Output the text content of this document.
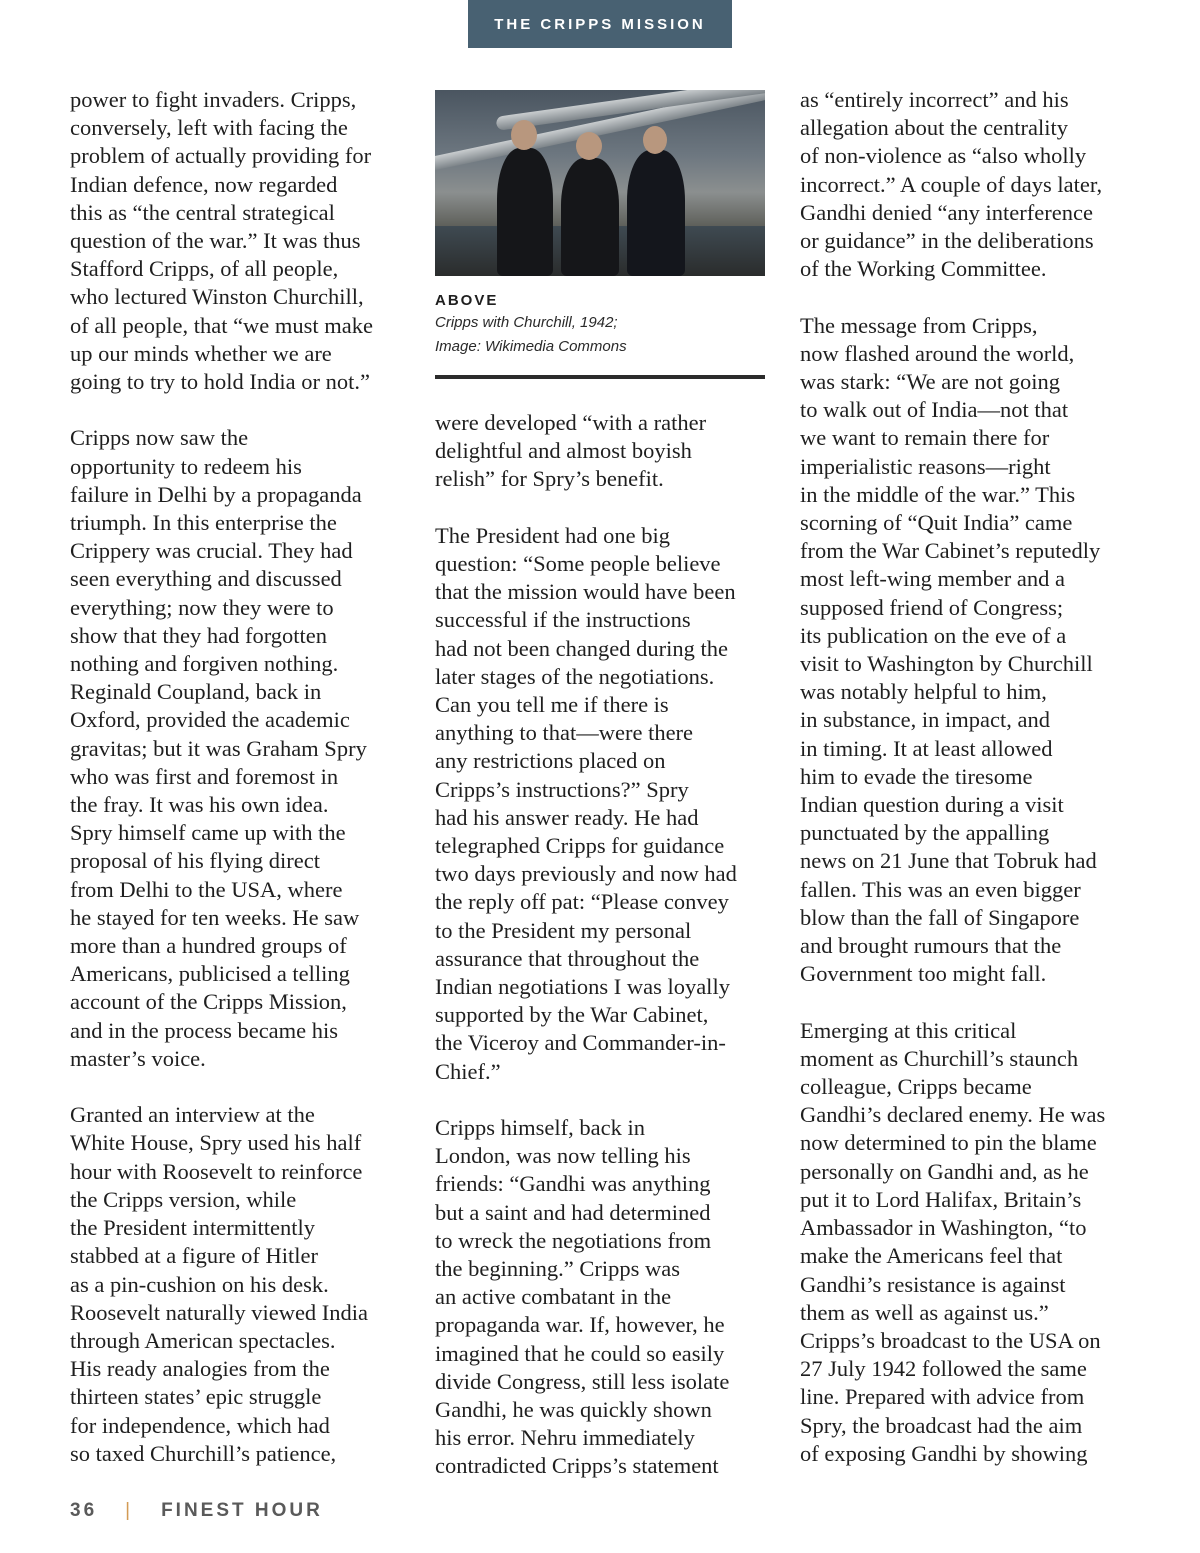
THE CRIPPS MISSION

power to fight invaders. Cripps,
conversely, left with facing the
problem of actually providing for
Indian defence, now regarded
this as “the central strategical
question of the war.” It was thus
Stafford Cripps, of all people,
who lectured Winston Churchill,
of all people, that “we must make
up our minds whether we are
going to try to hold India or not.”

Cripps now saw the
opportunity to redeem his
failure in Delhi by a propaganda
triumph. In this enterprise the
Crippery was crucial. They had
seen everything and discussed
everything; now they were to
show that they had forgotten
nothing and forgiven nothing.
Reginald Coupland, back in
Oxford, provided the academic
gravitas; but it was Graham Spry
who was first and foremost in
the fray. It was his own idea.
Spry himself came up with the
proposal of his flying direct
from Delhi to the USA, where
he stayed for ten weeks. He saw
more than a hundred groups of
Americans, publicised a telling
account of the Cripps Mission,
and in the process became his
master’s voice.

Granted an interview at the
White House, Spry used his half
hour with Roosevelt to reinforce
the Cripps version, while
the President intermittently
stabbed at a figure of Hitler
as a pin-cushion on his desk.
Roosevelt naturally viewed India
through American spectacles.
His ready analogies from the
thirteen states’ epic struggle
for independence, which had
so taxed Churchill’s patience,

ABOVE
Cripps with Churchill, 1942;
Image: Wikimedia Commons

were developed “with a rather
delightful and almost boyish
relish” for Spry’s benefit.

The President had one big
question: “Some people believe
that the mission would have been
successful if the instructions
had not been changed during the
later stages of the negotiations.
Can you tell me if there is
anything to that—were there
any restrictions placed on
Cripps’s instructions?” Spry
had his answer ready. He had
telegraphed Cripps for guidance
two days previously and now had
the reply off pat: “Please convey
to the President my personal
assurance that throughout the
Indian negotiations I was loyally
supported by the War Cabinet,
the Viceroy and Commander-in-
Chief.”

Cripps himself, back in
London, was now telling his
friends: “Gandhi was anything
but a saint and had determined
to wreck the negotiations from
the beginning.” Cripps was
an active combatant in the
propaganda war. If, however, he
imagined that he could so easily
divide Congress, still less isolate
Gandhi, he was quickly shown
his error. Nehru immediately
contradicted Cripps’s statement

as “entirely incorrect” and his
allegation about the centrality
of non-violence as “also wholly
incorrect.” A couple of days later,
Gandhi denied “any interference
or guidance” in the deliberations
of the Working Committee.

The message from Cripps,
now flashed around the world,
was stark: “We are not going
to walk out of India—not that
we want to remain there for
imperialistic reasons—right
in the middle of the war.” This
scorning of “Quit India” came
from the War Cabinet’s reputedly
most left-wing member and a
supposed friend of Congress;
its publication on the eve of a
visit to Washington by Churchill
was notably helpful to him,
in substance, in impact, and
in timing. It at least allowed
him to evade the tiresome
Indian question during a visit
punctuated by the appalling
news on 21 June that Tobruk had
fallen. This was an even bigger
blow than the fall of Singapore
and brought rumours that the
Government too might fall.

Emerging at this critical
moment as Churchill’s staunch
colleague, Cripps became
Gandhi’s declared enemy. He was
now determined to pin the blame
personally on Gandhi and, as he
put it to Lord Halifax, Britain’s
Ambassador in Washington, “to
make the Americans feel that
Gandhi’s resistance is against
them as well as against us.”
Cripps’s broadcast to the USA on
27 July 1942 followed the same
line. Prepared with advice from
Spry, the broadcast had the aim
of exposing Gandhi by showing

36 | FINEST HOUR
